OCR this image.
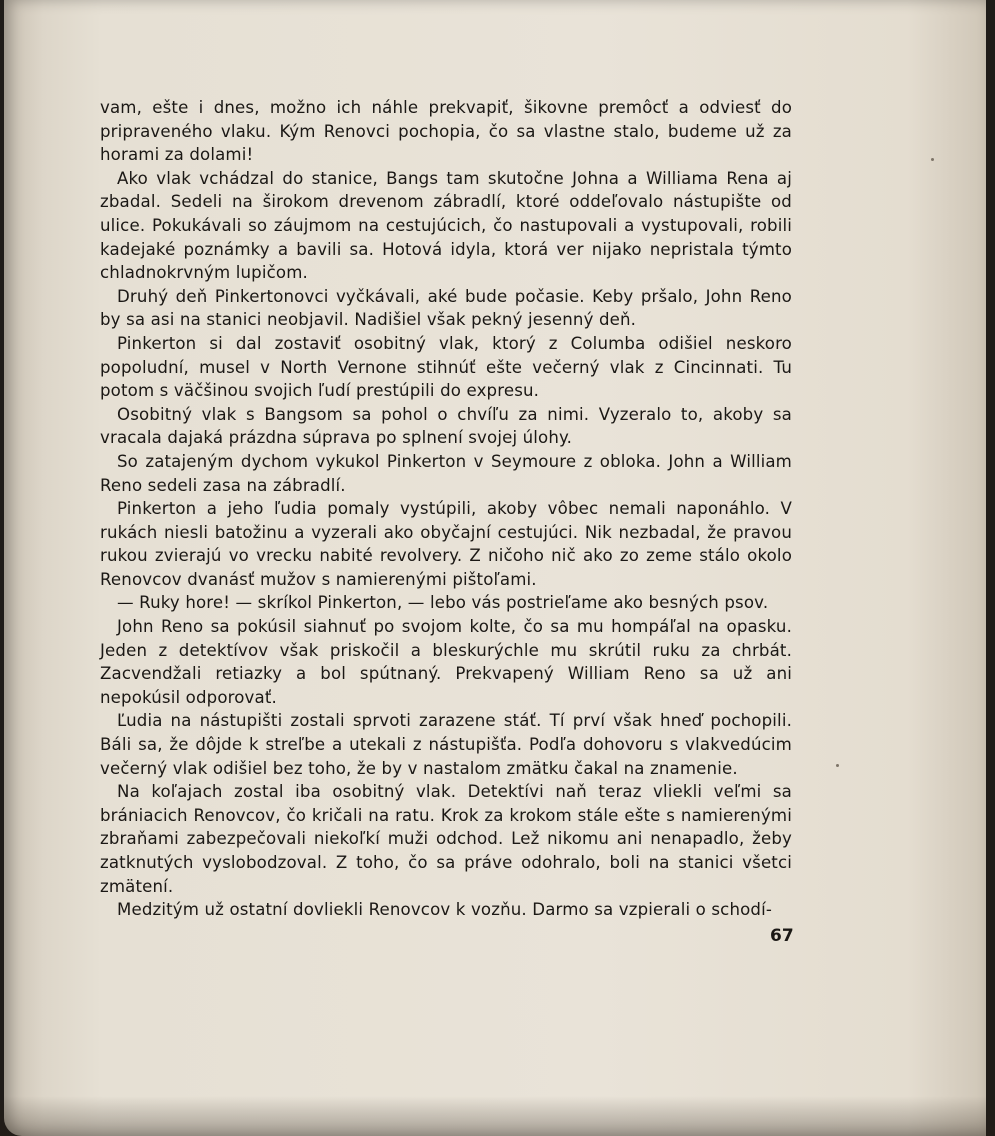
vam, ešte i dnes, možno ich náhle prekvapiť, šikovne premôcť a odviesť do pripraveného vlaku. Kým Renovci pochopia, čo sa vlastne stalo, budeme už za horami za dolami!

Ako vlak vchádzal do stanice, Bangs tam skutočne Johna a Williama Rena aj zbadal. Sedeli na širokom drevenom zábradlí, ktoré oddeľovalo nástupište od ulice. Pokukávali so záujmom na cestujúcich, čo nastupovali a vystupovali, robili kadejaké poznámky a bavili sa. Hotová idyla, ktorá ver nijako nepristala týmto chladnokrvným lupičom.

Druhý deň Pinkertonovci vyčkávali, aké bude počasie. Keby pršalo, John Reno by sa asi na stanici neobjavil. Nadišiel však pekný jesenný deň.

Pinkerton si dal zostaviť osobitný vlak, ktorý z Columba odišiel neskoro popoludní, musel v North Vernone stihnúť ešte večerný vlak z Cincinnati. Tu potom s väčšinou svojich ľudí prestúpili do expresu.

Osobitný vlak s Bangsom sa pohol o chvíľu za nimi. Vyzeralo to, akoby sa vracala dajaká prázdna súprava po splnení svojej úlohy.

So zatajeným dychom vykukol Pinkerton v Seymoure z obloka. John a William Reno sedeli zasa na zábradlí.

Pinkerton a jeho ľudia pomaly vystúpili, akoby vôbec nemali naponáhlo. V rukách niesli batožinu a vyzerali ako obyčajní cestujúci. Nik nezbadal, že pravou rukou zvierajú vo vrecku nabité revolvery. Z ničoho nič ako zo zeme stálo okolo Renovcov dvanásť mužov s namierenými pištoľami.

— Ruky hore! — skríkol Pinkerton, — lebo vás postrieľame ako besných psov.

John Reno sa pokúsil siahnuť po svojom kolte, čo sa mu hompáľal na opasku. Jeden z detektívov však priskočil a bleskurýchle mu skrútil ruku za chrbát. Zacvendžali retiazky a bol spútnaný. Prekvapený William Reno sa už ani nepokúsil odporovať.

Ľudia na nástupišti zostali sprvoti zarazene stáť. Tí prví však hneď pochopili. Báli sa, že dôjde k streľbe a utekali z nástupišťa. Podľa dohovoru s vlakvedúcim večerný vlak odišiel bez toho, že by v nastalom zmätku čakal na znamenie.

Na koľajach zostal iba osobitný vlak. Detektívi naň teraz vliekli veľmi sa brániacich Renovcov, čo kričali na ratu. Krok za krokom stále ešte s namierenými zbraňami zabezpečovali niekoľkí muži odchod. Lež nikomu ani nenapadlo, žeby zatknutých vyslobodzoval. Z toho, čo sa práve odohralo, boli na stanici všetci zmätení.

Medzitým už ostatní dovliekli Renovcov k vozňu. Darmo sa vzpierali o schodí-

67
